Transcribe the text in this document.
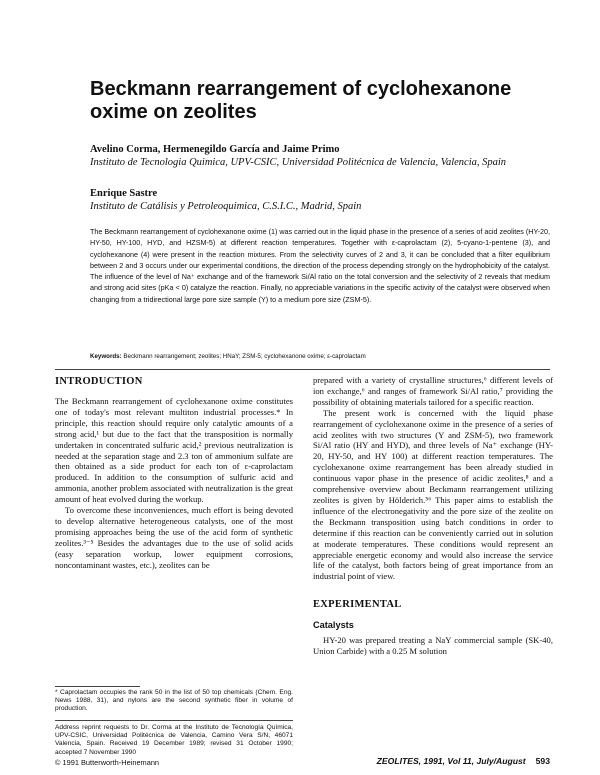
Beckmann rearrangement of cyclohexanone oxime on zeolites
Avelino Corma, Hermenegildo García and Jaime Primo
Instituto de Tecnologia Quimica, UPV-CSIC, Universidad Politécnica de Valencia, Valencia, Spain
Enrique Sastre
Instituto de Catálisis y Petroleoquimica, C.S.I.C., Madrid, Spain
The Beckmann rearrangement of cyclohexanone oxime (1) was carried out in the liquid phase in the presence of a series of acid zeolites (HY-20, HY-50, HY-100, HYD, and HZSM-5) at different reaction temperatures. Together with ε-caprolactam (2), 5-cyano-1-pentene (3), and cyclohexanone (4) were present in the reaction mixtures. From the selectivity curves of 2 and 3, it can be concluded that a filter equilibrium between 2 and 3 occurs under our experimental conditions, the direction of the process depending strongly on the hydrophobicity of the catalyst. The influence of the level of Na⁺ exchange and of the framework Si/Al ratio on the total conversion and the selectivity of 2 reveals that medium and strong acid sites (pKa < 0) catalyze the reaction. Finally, no appreciable variations in the specific activity of the catalyst were observed when changing from a tridirectional large pore size sample (Y) to a medium pore size (ZSM-5).
Keywords: Beckmann rearrangement; zeolites; HNaY; ZSM-5; cyclohexanone oxime; ε-caprolactam
INTRODUCTION

The Beckmann rearrangement of cyclohexanone oxime constitutes one of today's most relevant multiton industrial processes.* In principle, this reaction should require only catalytic amounts of a strong acid,¹ but due to the fact that the transposition is normally undertaken in concentrated sulfuric acid,² previous neutralization is needed at the separation stage and 2.3 ton of ammonium sulfate are then obtained as a side product for each ton of ε-caprolactam produced. In addition to the consumption of sulfuric acid and ammonia, another problem associated with neutralization is the great amount of heat evolved during the workup.

To overcome these inconveniences, much effort is being devoted to develop alternative heterogeneous catalysts, one of the most promising approaches being the use of the acid form of synthetic zeolites.³⁻⁵ Besides the advantages due to the use of solid acids (easy separation workup, lower equipment corrosions, noncontaminant wastes, etc.), zeolites can be

* Caprolactam occupies the rank 50 in the list of 50 top chemicals (Chem. Eng. News 1988, 31), and nylons are the second synthetic fiber in volume of production.
Address reprint requests to Dr. Corma at the Instituto de Tecnología Química, UPV-CSIC, Universidad Politécnica de Valencia, Camino Vera S/N, 46071 Valencia, Spain. Received 19 December 1989; revised 31 October 1990; accepted 7 November 1990

prepared with a variety of crystalline structures,⁶ different levels of ion exchange,⁶ and ranges of framework Si/Al ratio,⁷ providing the possibility of obtaining materials tailored for a specific reaction.

The present work is concerned with the liquid phase rearrangement of cyclohexanone oxime in the presence of a series of acid zeolites with two structures (Y and ZSM-5), two framework Si/Al ratio (HY and HYD), and three levels of Na⁺ exchange (HY-20, HY-50, and HY 100) at different reaction temperatures. The cyclohexanone oxime rearrangement has been already studied in continuous vapor phase in the presence of acidic zeolites,⁸ and a comprehensive overview about Beckmann rearrangement utilizing zeolites is given by Hölderich.⁵⁶ This paper aims to establish the influence of the electronegativity and the pore size of the zeolite on the Beckmann transposition using batch conditions in order to determine if this reaction can be conveniently carried out in solution at moderate temperatures. These conditions would represent an appreciable energetic economy and would also increase the service life of the catalyst, both factors being of great importance from an industrial point of view.

EXPERIMENTAL
Catalysts

HY-20 was prepared treating a NaY commercial sample (SK-40, Union Carbide) with a 0.25 M solution

© 1991 Butterworth-Heinemann	ZEOLITES, 1991, Vol 11, July/August 593
